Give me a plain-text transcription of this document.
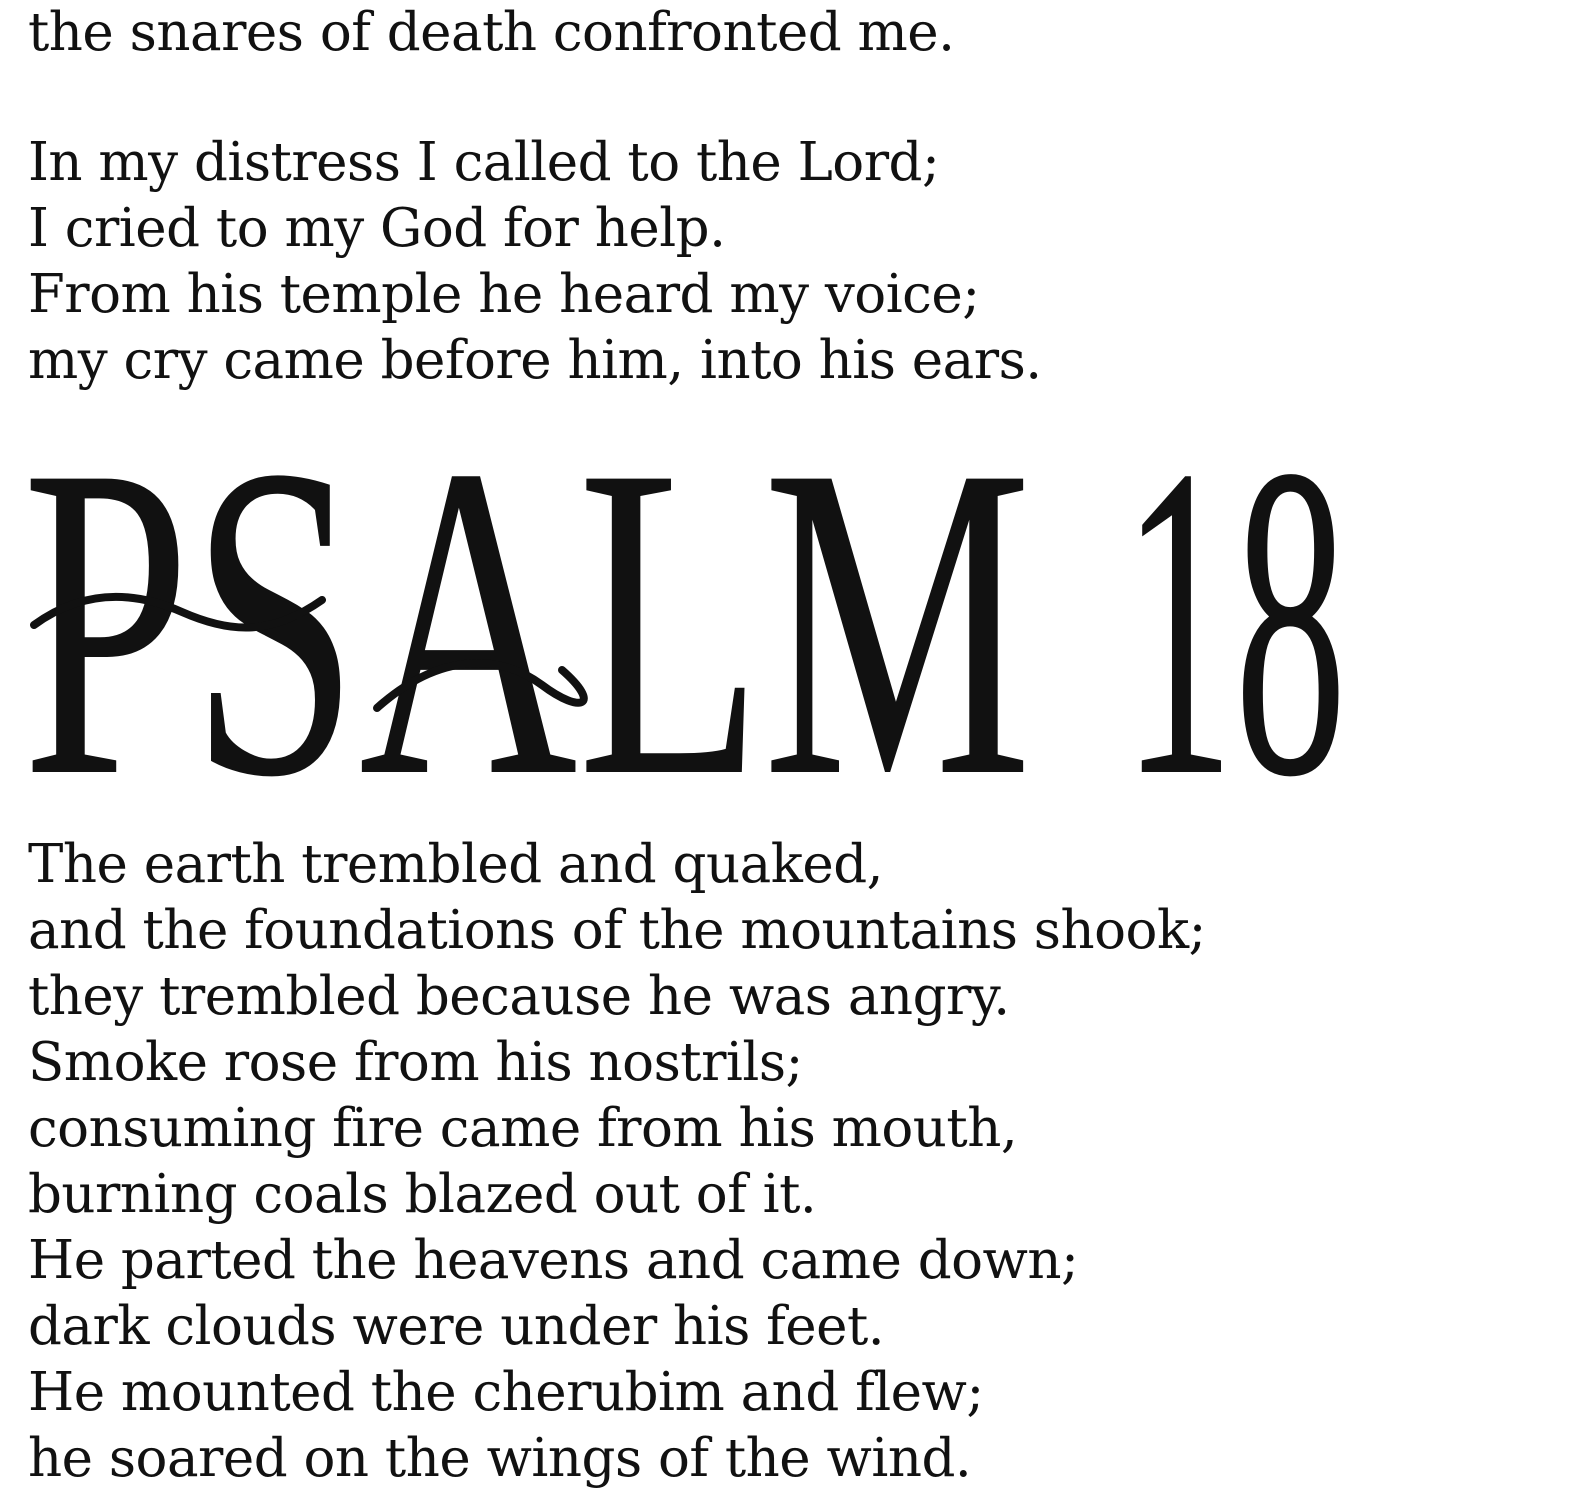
the snares of death confronted me.
In my distress I called to the Lord;
I cried to my God for help.
From his temple he heard my voice;
my cry came before him, into his ears.
The earth trembled and quaked,
and the foundations of the mountains shook;
they trembled because he was angry.
Smoke rose from his nostrils;
consuming fire came from his mouth,
burning coals blazed out of it.
He parted the heavens and came down;
dark clouds were under his feet.
He mounted the cherubim and flew;
he soared on the wings of the wind.
PSALM 18
